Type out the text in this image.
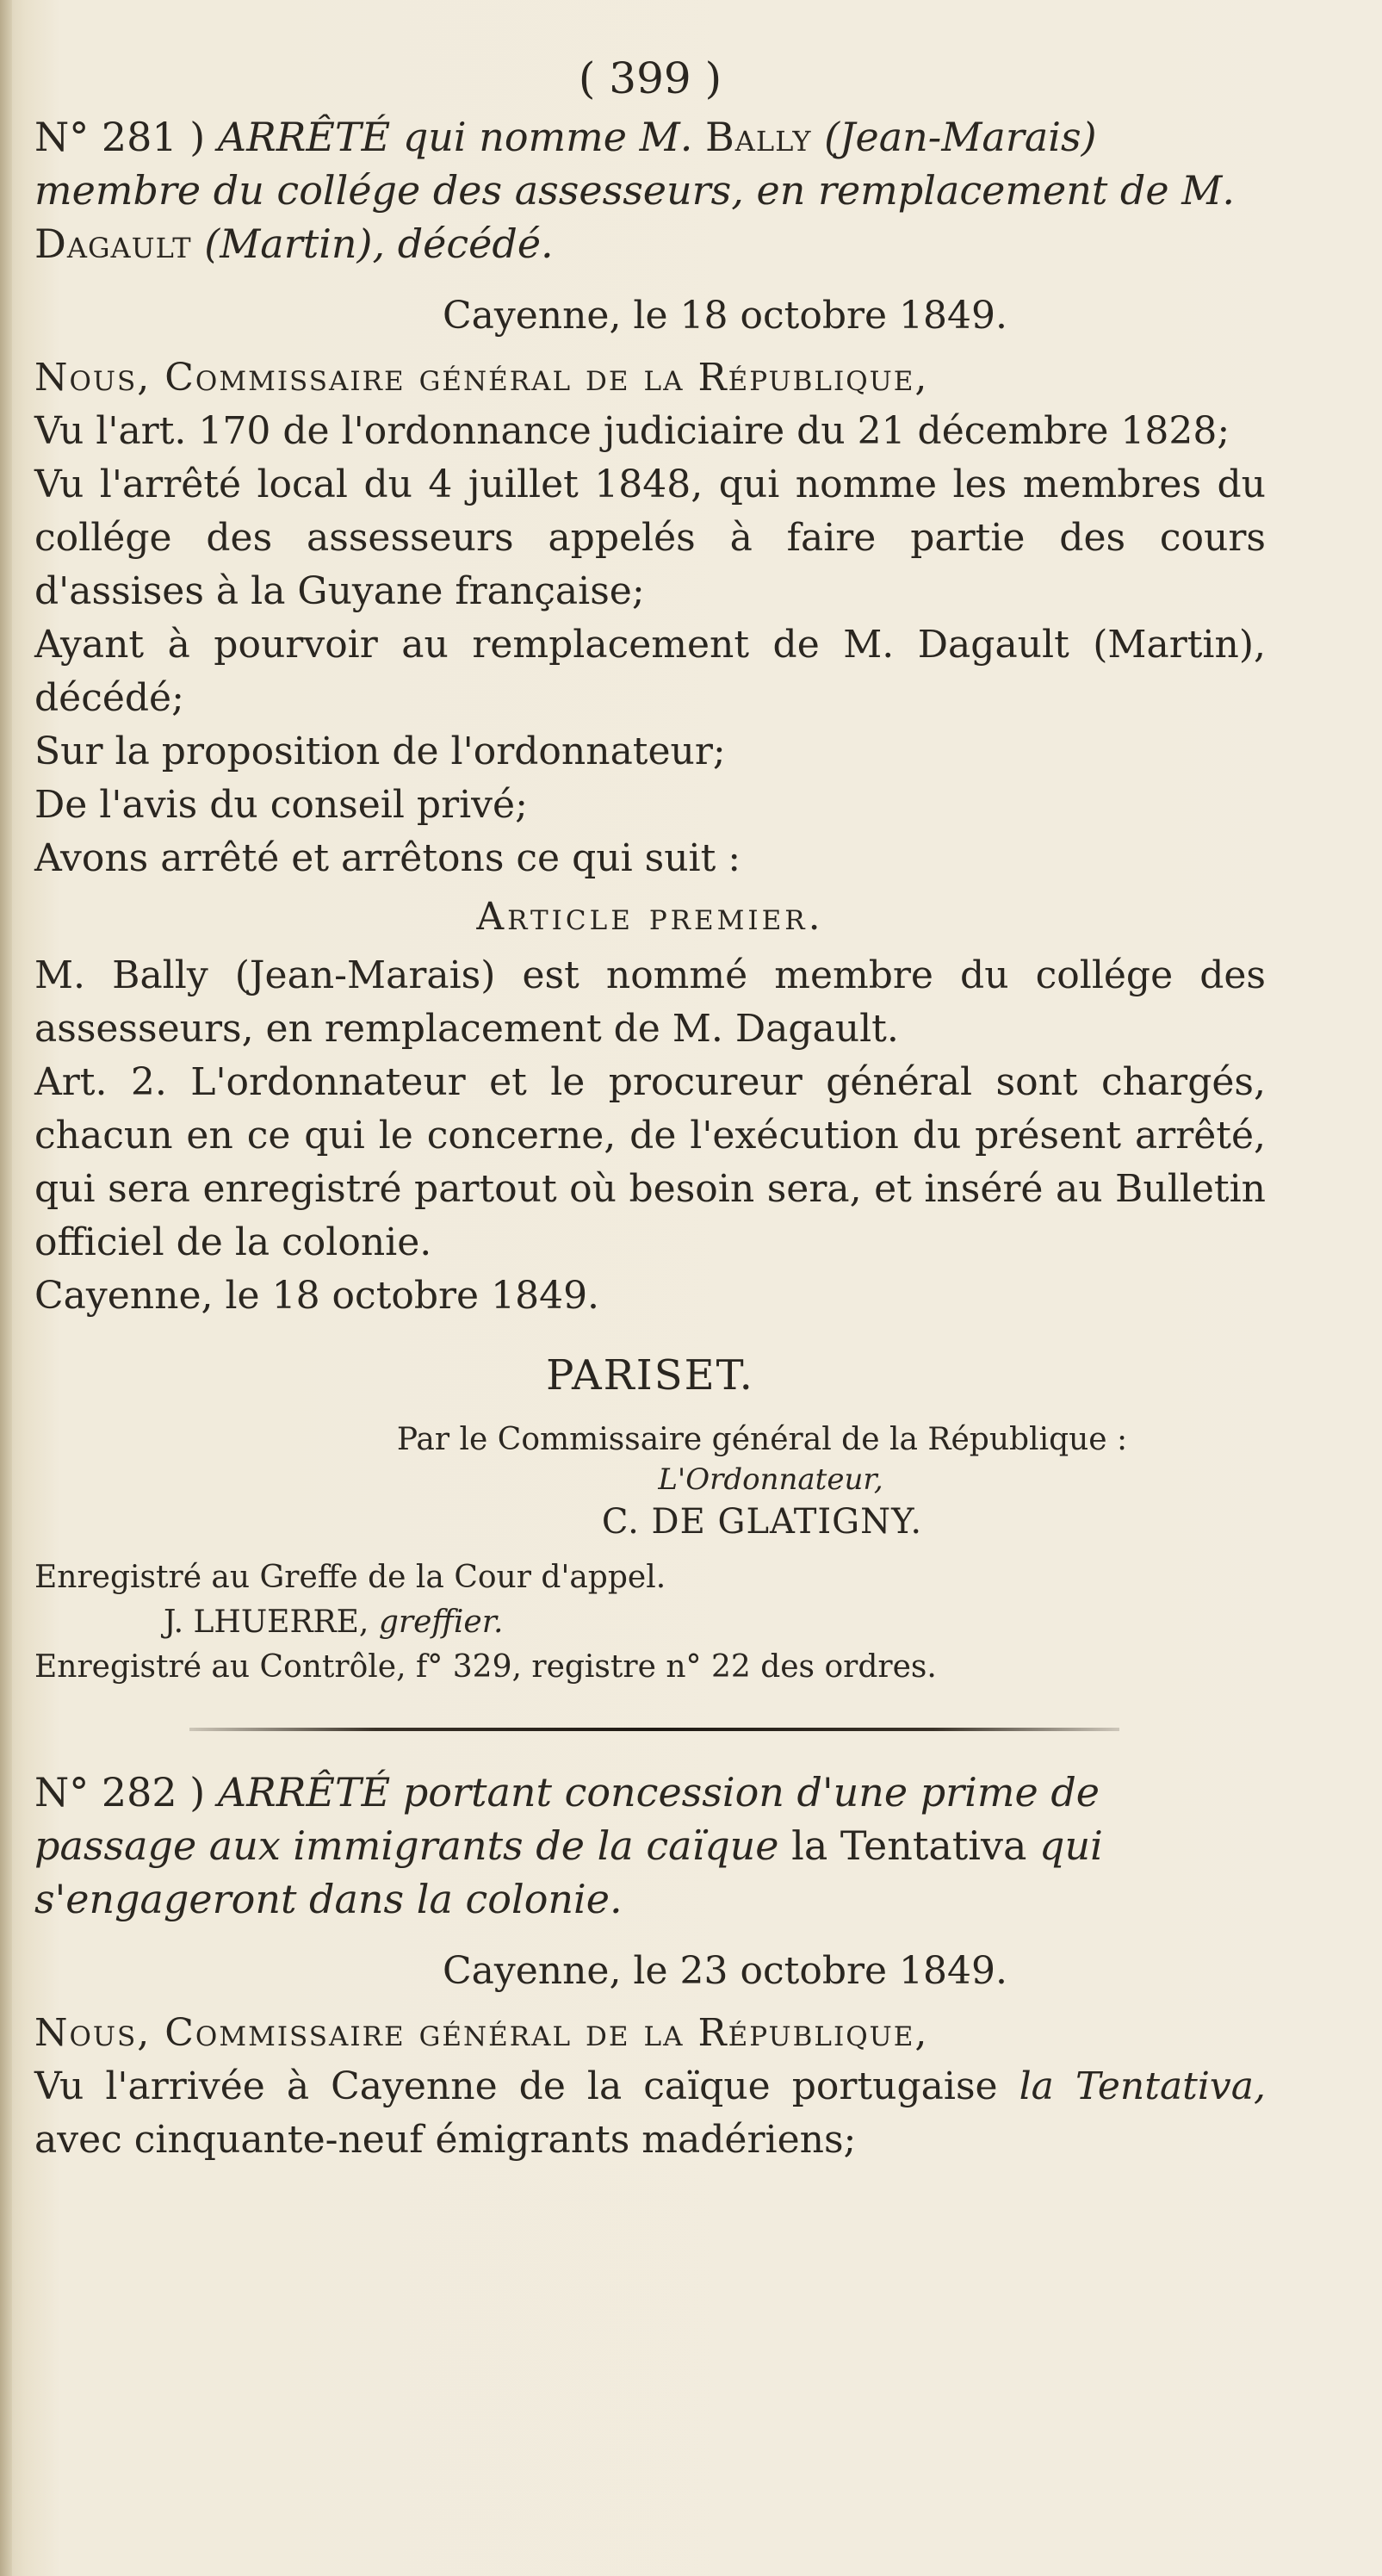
( 399 )
N° 281 ) ARRÊTÉ qui nomme M. Bally (Jean-Marais) membre du collége des assesseurs, en remplacement de M. Dagault (Martin), décédé.
Cayenne, le 18 octobre 1849.

Nous, Commissaire général de la République,

Vu l'art. 170 de l'ordonnance judiciaire du 21 décembre 1828;

Vu l'arrêté local du 4 juillet 1848, qui nomme les membres du collége des assesseurs appelés à faire partie des cours d'assises à la Guyane française;

Ayant à pourvoir au remplacement de M. Dagault (Martin), décédé;

Sur la proposition de l'ordonnateur;

De l'avis du conseil privé;

Avons arrêté et arrêtons ce qui suit :

Article premier.

M. Bally (Jean-Marais) est nommé membre du collége des assesseurs, en remplacement de M. Dagault.

Art. 2. L'ordonnateur et le procureur général sont chargés, chacun en ce qui le concerne, de l'exécution du présent arrêté, qui sera enregistré partout où besoin sera, et inséré au Bulletin officiel de la colonie.

Cayenne, le 18 octobre 1849.

PARISET.
Par le Commissaire général de la République :
L'Ordonnateur,
C. DE GLATIGNY.
Enregistré au Greffe de la Cour d'appel.
J. LHUERRE, greffier.
Enregistré au Contrôle, f° 329, registre n° 22 des ordres.
N° 282 ) ARRÊTÉ portant concession d'une prime de passage aux immigrants de la caïque la Tentativa qui s'engageront dans la colonie.
Cayenne, le 23 octobre 1849.

Nous, Commissaire général de la République,

Vu l'arrivée à Cayenne de la caïque portugaise la Tentativa, avec cinquante-neuf émigrants madériens;
